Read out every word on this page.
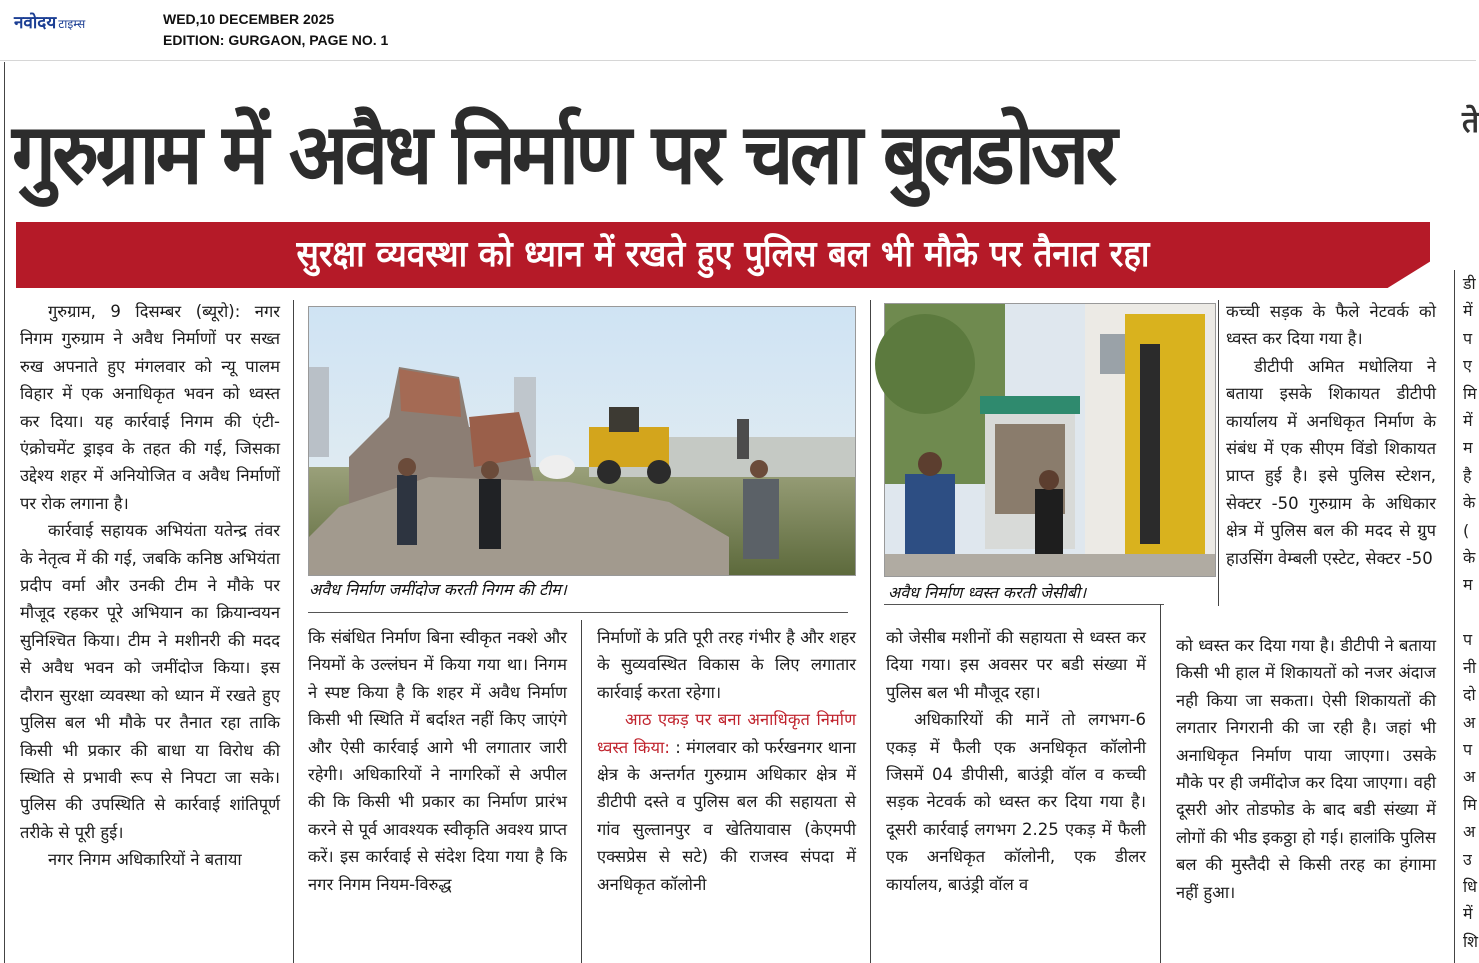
नवोदय टाइम्स	WED,10 DECEMBER 2025
EDITION: GURGAON, PAGE NO. 1
गुरुग्राम में अवैध निर्माण पर चला बुलडोजर	ते
सुरक्षा व्यवस्था को ध्यान में रखते हुए पुलिस बल भी मौके पर तैनात रहा

गुरुग्राम, 9 दिसम्बर (ब्यूरो): नगर निगम गुरुग्राम ने अवैध निर्माणों पर सख्त रुख अपनाते हुए मंगलवार को न्यू पालम विहार में एक अनाधिकृत भवन को ध्वस्त कर दिया। यह कार्रवाई निगम की एंटी-एंक्रोचमेंट ड्राइव के तहत की गई, जिसका उद्देश्य शहर में अनियोजित व अवैध निर्माणों पर रोक लगाना है।

कार्रवाई सहायक अभियंता यतेन्द्र तंवर के नेतृत्व में की गई, जबकि कनिष्ठ अभियंता प्रदीप वर्मा और उनकी टीम ने मौके पर मौजूद रहकर पूरे अभियान का क्रियान्वयन सुनिश्चित किया। टीम ने मशीनरी की मदद से अवैध भवन को जमींदोज किया। इस दौरान सुरक्षा व्यवस्था को ध्यान में रखते हुए पुलिस बल भी मौके पर तैनात रहा ताकि किसी भी प्रकार की बाधा या विरोध की स्थिति से प्रभावी रूप से निपटा जा सके। पुलिस की उपस्थिति से कार्रवाई शांतिपूर्ण तरीके से पूरी हुई।

नगर निगम अधिकारियों ने बताया

अवैध निर्माण जमींदोज करती निगम की टीम।	अवैध निर्माण ध्वस्त करती जेसीबी।

कि संबंधित निर्माण बिना स्वीकृत नक्शे और नियमों के उल्लंघन में किया गया था। निगम ने स्पष्ट किया है कि शहर में अवैध निर्माण किसी भी स्थिति में बर्दाश्त नहीं किए जाएंगे और ऐसी कार्रवाई आगे भी लगातार जारी रहेगी। अधिकारियों ने नागरिकों से अपील की कि किसी भी प्रकार का निर्माण प्रारंभ करने से पूर्व आवश्यक स्वीकृति अवश्य प्राप्त करें। इस कार्रवाई से संदेश दिया गया है कि नगर निगम नियम-विरुद्ध

निर्माणों के प्रति पूरी तरह गंभीर है और शहर के सुव्यवस्थित विकास के लिए लगातार कार्रवाई करता रहेगा।

आठ एकड़ पर बना अनाधिकृत निर्माण ध्वस्त किया: : मंगलवार को फर्रखनगर थाना क्षेत्र के अन्तर्गत गुरुग्राम अधिकार क्षेत्र में डीटीपी दस्ते व पुलिस बल की सहायता से गांव सुल्तानपुर व खेतियावास (केएमपी एक्सप्रेस से सटे) की राजस्व संपदा में अनधिकृत कॉलोनी

को जेसीब मशीनों की सहायता से ध्वस्त कर दिया गया। इस अवसर पर बडी संख्या में पुलिस बल भी मौजूद रहा।

अधिकारियों की मानें तो लगभग-6 एकड़ में फैली एक अनधिकृत कॉलोनी जिसमें 04 डीपीसी, बाउंड्री वॉल व कच्ची सड़क नेटवर्क को ध्वस्त कर दिया गया है। दूसरी कार्रवाई लगभग 2.25 एकड़ में फैली एक अनधिकृत कॉलोनी, एक डीलर कार्यालय, बाउंड्री वॉल व

कच्ची सड़क के फैले नेटवर्क को ध्वस्त कर दिया गया है।

डीटीपी अमित मधोलिया ने बताया इसके शिकायत डीटीपी कार्यालय में अनधिकृत निर्माण के संबंध में एक सीएम विंडो शिकायत प्राप्त हुई है। इसे पुलिस स्टेशन, सेक्टर -50 गुरुग्राम के अधिकार क्षेत्र में पुलिस बल की मदद से ग्रुप हाउसिंग वेम्बली एस्टेट, सेक्टर -50

को ध्वस्त कर दिया गया है। डीटीपी ने बताया किसी भी हाल में शिकायतों को नजर अंदाज नही किया जा सकता। ऐसी शिकायतों की लगतार निगरानी की जा रही है। जहां भी अनाधिकृत निर्माण पाया जाएगा। उसके मौके पर ही जमींदोज कर दिया जाएगा। वही दूसरी ओर तोडफोड के बाद बडी संख्या में लोगों की भीड इकठ्ठा हो गई। हालांकि पुलिस बल की मुस्तैदी से किसी तरह का हंगामा नहीं हुआ।

डी
में
प
ए
मि
में
म
है
के
(
के
म

प
नी
दो
अ
प
अ
मि
अ
उ
धि
में
शि
